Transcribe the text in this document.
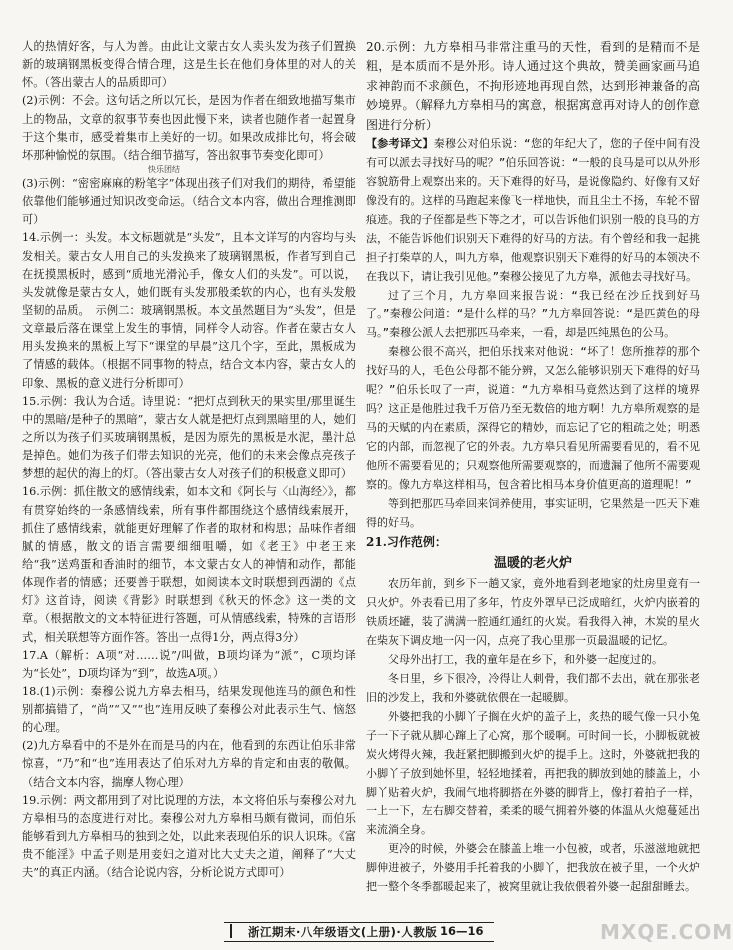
人的热情好客，与人为善。由此让文蒙古女人卖头发为孩子们置换新的玻璃钢黑板变得合情合理，这是生长在他们身体里的对人的关怀。（答出蒙古人的品质即可）

(2)示例：不会。这句话之所以冗长，是因为作者在细致地描写集市上的物品，文章的叙事节奏也因此慢下来，读者也随作者一起置身于这个集市，感受着集市上美好的一切。如果改成排比句，将会破坏那种愉悦的氛围。（结合细节描写，答出叙事节奏变化即可）

快乐团结

(3)示例：“密密麻麻的粉笔字”体现出孩子们对我们的期待，希望能依靠他们能够通过知识改变命运。（结合文本内容，做出合理推测即可）

14.示例一：头发。本文标题就是“头发”，且本文详写的内容均与头发相关。蒙古女人用自己的头发换来了玻璃钢黑板，作者写到自己在抚摸黑板时，感到“质地光滑沁手，像女人们的头发”。可以说，头发就像是蒙古女人，她们既有头发那般柔软的内心，也有头发般坚韧的品质。　示例二：玻璃钢黑板。本文虽然题目为“头发”，但是文章最后落在课堂上发生的事情，同样令人动容。作者在蒙古女人用头发换来的黑板上写下“课堂的早晨”这几个字，至此，黑板成为了情感的载体。（根据不同事物的特点，结合文本内容，蒙古女人的印象、黑板的意义进行分析即可）

15.示例：我认为合适。诗里说：“把灯点到秋天的果实里/那里诞生中的黑暗/是种子的黑暗”，蒙古女人就是把灯点到黑暗里的人，她们之所以为孩子们买玻璃钢黑板，是因为原先的黑板是水泥，墨汁总是掉色。她们为孩子们带去知识的光亮，他们的未来会像点亮孩子梦想的起伏的海上的灯。（答出蒙古女人对孩子们的积极意义即可）

16.示例：抓住散文的感情线索，如本文和《阿长与〈山海经〉》，都有贯穿始终的一条感情线索，所有事件都围绕这个感情线索展开，抓住了感情线索，就能更好理解了作者的取材和构思；品味作者细腻的情感，散文的语言需要细细咀嚼，如《老王》中老王来给“我”送鸡蛋和香油时的细节，本文蒙古女人的神情和动作，都能体现作者的情感；还要善于联想，如阅读本文时联想到西湖的《点灯》这首诗，阅读《背影》时联想到《秋天的怀念》这一类的文章。（根据散文的文本特征进行答题，可从情感线索，特殊的言语形式，相关联想等方面作答。答出一点得1分，两点得3分）

17.A（解析：A项“对……说”/叫做，B项均译为“派”，C项均译为“长处”，D项均译为“到”，故选A项。）

18.(1)示例：秦穆公说九方皋去相马，结果发现他连马的颜色和性别都搞错了，“尚”“又”“也”连用反映了秦穆公对此表示生气、恼怒的心理。

(2)九方皋看中的不是外在而是马的内在，他看到的东西让伯乐非常惊喜，“乃”和“也”连用表达了伯乐对九方皋的肯定和由衷的敬佩。（结合文本内容，揣摩人物心理）

19.示例：两文都用到了对比说理的方法，本文将伯乐与秦穆公对九方皋相马的态度进行对比。秦穆公对九方皋相马颇有微词，而伯乐能够看到九方皋相马的独到之处，以此来表现伯乐的识人识珠。《富贵不能淫》中孟子则是用妾妇之道对比大丈夫之道，阐释了“大丈夫”的真正内涵。（结合论说内容，分析论说方式即可）

20.示例：九方皋相马非常注重马的天性，看到的是精而不是粗，是本质而不是外形。诗人通过这个典故，赞美画家画马追求神韵而不求颜色，不拘形迹地再现自然，达到形神兼备的高妙境界。（解释九方皋相马的寓意，根据寓意再对诗人的创作意图进行分析）

【参考译文】秦穆公对伯乐说：“您的年纪大了，您的子侄中间有没有可以派去寻找好马的呢？”伯乐回答说：“一般的良马是可以从外形容貌筋骨上观察出来的。天下难得的好马，是说像隐约、好像有又好像没有的。这样的马跑起来像飞一样地快，而且尘土不扬，车轮不留痕迹。我的子侄都是些下等之才，可以告诉他们识别一般的良马的方法，不能告诉他们识别天下难得的好马的方法。有个曾经和我一起挑担子打柴草的人，叫九方皋，他观察识别天下难得的好马的本领决不在我以下，请让我引见他。”秦穆公接见了九方皋，派他去寻找好马。

过了三个月，九方皋回来报告说：“我已经在沙丘找到好马了。”秦穆公问道：“是什么样的马？”九方皋回答说：“是匹黄色的母马。”秦穆公派人去把那匹马牵来，一看，却是匹纯黑色的公马。

秦穆公很不高兴，把伯乐找来对他说：“坏了！您所推荐的那个找好马的人，毛色公母都不能分辨，又怎么能够识别天下难得的好马呢？”伯乐长叹了一声，说道：“九方皋相马竟然达到了这样的境界吗？这正是他胜过我千万倍乃至无数倍的地方啊！九方皋所观察的是马的天赋的内在素质，深得它的精妙，而忘记了它的粗疏之处；明悉它的内部，而忽视了它的外表。九方皋只看见所需要看见的，看不见他所不需要看见的；只观察他所需要观察的，而遗漏了他所不需要观察的。像九方皋这样相马，包含着比相马本身价值更高的道理呢！”

等到把那匹马牵回来饲养使用，事实证明，它果然是一匹天下难得的好马。

21.习作范例：

温暖的老火炉

农历年前，到乡下一趟又家，竟外地看到老地家的灶房里竟有一只火炉。外表看已用了多年，竹皮外罩早已泛成暗红，火炉内嵌着的铁质坯罐，装了满满一腔通红通红的火炭。看我得入神，木炭的星火在柴灰下调皮地一闪一闪，点亮了我心里那一页最温暖的记忆。

父母外出打工，我的童年是在乡下，和外婆一起度过的。

冬日里，乡下很冷，冷得让人刺骨，我们都不去出，就在那张老旧的沙发上，我和外婆就依偎在一起暖脚。

外婆把我的小脚丫子搁在火炉的盖子上，炙热的暖气像一只小兔子一下子就从脚心蹿上了心窝，那个暖啊。可时间一长，小脚板就被炭火烤得火辣，我赶紧把脚搬到火炉的提手上。这时，外婆就把我的小脚丫子放到她怀里，轻轻地揉着，再把我的脚放到她的膝盖上，小脚丫贴着火炉，我闹气地将脚搭在外婆的脚背上，像打着拍子一样，一上一下，左右脚交替着，柔柔的暖气拥着外婆的体温从火熄蔓延出来流淌全身。

更冷的时候，外婆会在膝盖上堆一小包被，或者，乐滋滋地就把脚伸进被子，外婆用手托着我的小脚丫，把我放在被子里，一个火炉把一整个冬季都暖起来了，被窝里就让我依偎着外婆一起甜甜睡去。

浙江期末·八年级语文(上册)·人教版 16—16	MXQE.COM
